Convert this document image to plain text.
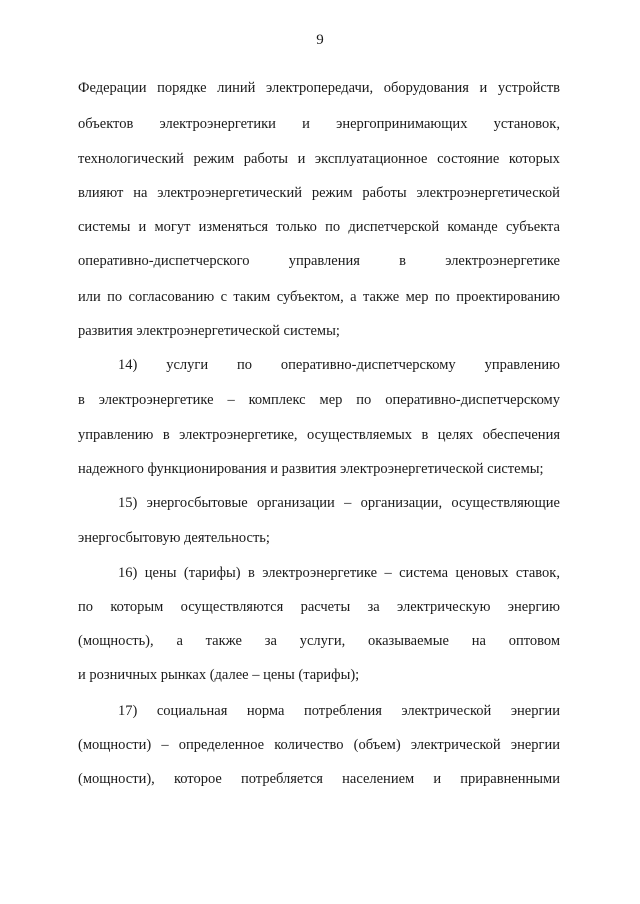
9
Федерации порядке линий электропередачи, оборудования и устройств
объектов электроэнергетики и энергопринимающих установок,
технологический режим работы и эксплуатационное состояние которых
влияют на электроэнергетический режим работы электроэнергетической
системы и могут изменяться только по диспетчерской команде субъекта
оперативно-диспетчерского	управления	в	электроэнергетике
или по согласованию с таким субъектом, а также мер по проектированию
развития электроэнергетической системы;
14) услуги по оперативно-диспетчерскому управлению
в электроэнергетике – комплекс мер по оперативно-диспетчерскому
управлению в электроэнергетике, осуществляемых в целях обеспечения
надежного функционирования и развития электроэнергетической системы;
15) энергосбытовые организации – организации, осуществляющие
энергосбытовую деятельность;
16) цены (тарифы) в электроэнергетике – система ценовых ставок,
по которым осуществляются расчеты за электрическую энергию
(мощность), а также за услуги, оказываемые на оптовом
и розничных рынках (далее – цены (тарифы);
17) социальная норма потребления электрической энергии
(мощности) – определенное количество (объем) электрической энергии
(мощности), которое потребляется населением и приравненными
